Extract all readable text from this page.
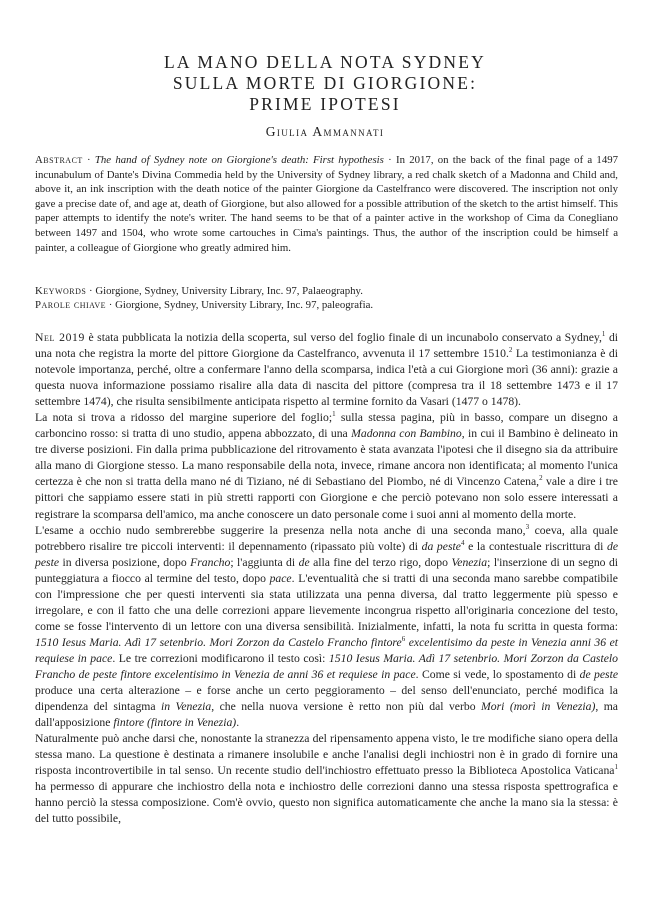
LA MANO DELLA NOTA SYDNEY
SULLA MORTE DI GIORGIONE:
PRIME IPOTESI
Giulia Ammannati
Abstract · The hand of Sydney note on Giorgione's death: First hypothesis · In 2017, on the back of the final page of a 1497 incunabulum of Dante's Divina Commedia held by the University of Sydney library, a red chalk sketch of a Madonna and Child and, above it, an ink inscription with the death notice of the painter Giorgione da Castelfranco were discovered. The inscription not only gave a precise date of, and age at, death of Giorgione, but also allowed for a possible attribution of the sketch to the artist himself. This paper attempts to identify the note's writer. The hand seems to be that of a painter active in the workshop of Cima da Conegliano between 1497 and 1504, who wrote some cartouches in Cima's paintings. Thus, the author of the inscription could be himself a painter, a colleague of Giorgione who greatly admired him.
Keywords · Giorgione, Sydney, University Library, Inc. 97, Palaeography.
Parole chiave · Giorgione, Sydney, University Library, Inc. 97, paleografia.

Nel 2019 è stata pubblicata la notizia della scoperta, sul verso del foglio finale di un incunabolo conservato a Sydney,$^1$ di una nota che registra la morte del pittore Giorgione da Castelfranco, avvenuta il 17 settembre 1510.$^2$ La testimonianza è di notevole importanza, perché, oltre a confermare l'anno della scomparsa, indica l'età a cui Giorgione morì (36 anni): grazie a questa nuova informazione possiamo risalire alla data di nascita del pittore (compresa tra il 18 settembre 1473 e il 17 settembre 1474), che risulta sensibilmente anticipata rispetto al termine fornito da Vasari (1477 o 1478).

La nota si trova a ridosso del margine superiore del foglio;$^1$ sulla stessa pagina, più in basso, compare un disegno a carboncino rosso: si tratta di uno studio, appena abbozzato, di una Madonna con Bambino, in cui il Bambino è delineato in tre diverse posizioni. Fin dalla prima pubblicazione del ritrovamento è stata avanzata l'ipotesi che il disegno sia da attribuire alla mano di Giorgione stesso. La mano responsabile della nota, invece, rimane ancora non identificata; al momento l'unica certezza è che non si tratta della mano né di Tiziano, né di Sebastiano del Piombo, né di Vincenzo Catena,$^2$ vale a dire i tre pittori che sappiamo essere stati in più stretti rapporti con Giorgione e che perciò potevano non solo essere interessati a registrare la scomparsa dell'amico, ma anche conoscere un dato personale come i suoi anni al momento della morte.

L'esame a occhio nudo sembrerebbe suggerire la presenza nella nota anche di una seconda mano,$^3$ coeva, alla quale potrebbero risalire tre piccoli interventi: il depennamento (ripassato più volte) di da peste$^4$ e la contestuale riscrittura di de peste in diversa posizione, dopo Francho; l'aggiunta di de alla fine del terzo rigo, dopo Venezia; l'inserzione di un segno di punteggiatura a fiocco al termine del testo, dopo pace. L'eventualità che si tratti di una seconda mano sarebbe compatibile con l'impressione che per questi interventi sia stata utilizzata una penna diversa, dal tratto leggermente più spesso e irregolare, e con il fatto che una delle correzioni appare lievemente incongrua rispetto all'originaria concezione del testo, come se fosse l'intervento di un lettore con una diversa sensibilità. Inizialmente, infatti, la nota fu scritta in questa forma: 1510 Iesus Maria. Adì 17 setenbrio. Mori Zorzon da Castelo Francho fintore$^6$ excelentisimo da peste in Venezia anni 36 et requiese in pace. Le tre correzioni modificarono il testo così: 1510 Iesus Maria. Adì 17 setenbrio. Mori Zorzon da Castelo Francho de peste fintore excelentisimo in Venezia de anni 36 et requiese in pace. Come si vede, lo spostamento di de peste produce una certa alterazione – e forse anche un certo peggioramento – del senso dell'enunciato, perché modifica la dipendenza del sintagma in Venezia, che nella nuova versione è retto non più dal verbo Mori (morì in Venezia), ma dall'apposizione fintore (fintore in Venezia).

Naturalmente può anche darsi che, nonostante la stranezza del ripensamento appena visto, le tre modifiche siano opera della stessa mano. La questione è destinata a rimanere insolubile e anche l'analisi degli inchiostri non è in grado di fornire una risposta incontrovertibile in tal senso. Un recente studio dell'inchiostro effettuato presso la Biblioteca Apostolica Vaticana$^1$ ha permesso di appurare che inchiostro della nota e inchiostro delle correzioni danno una stessa risposta spettrografica e hanno perciò la stessa composizione. Com'è ovvio, questo non significa automaticamente che anche la mano sia la stessa: è del tutto possibile,
